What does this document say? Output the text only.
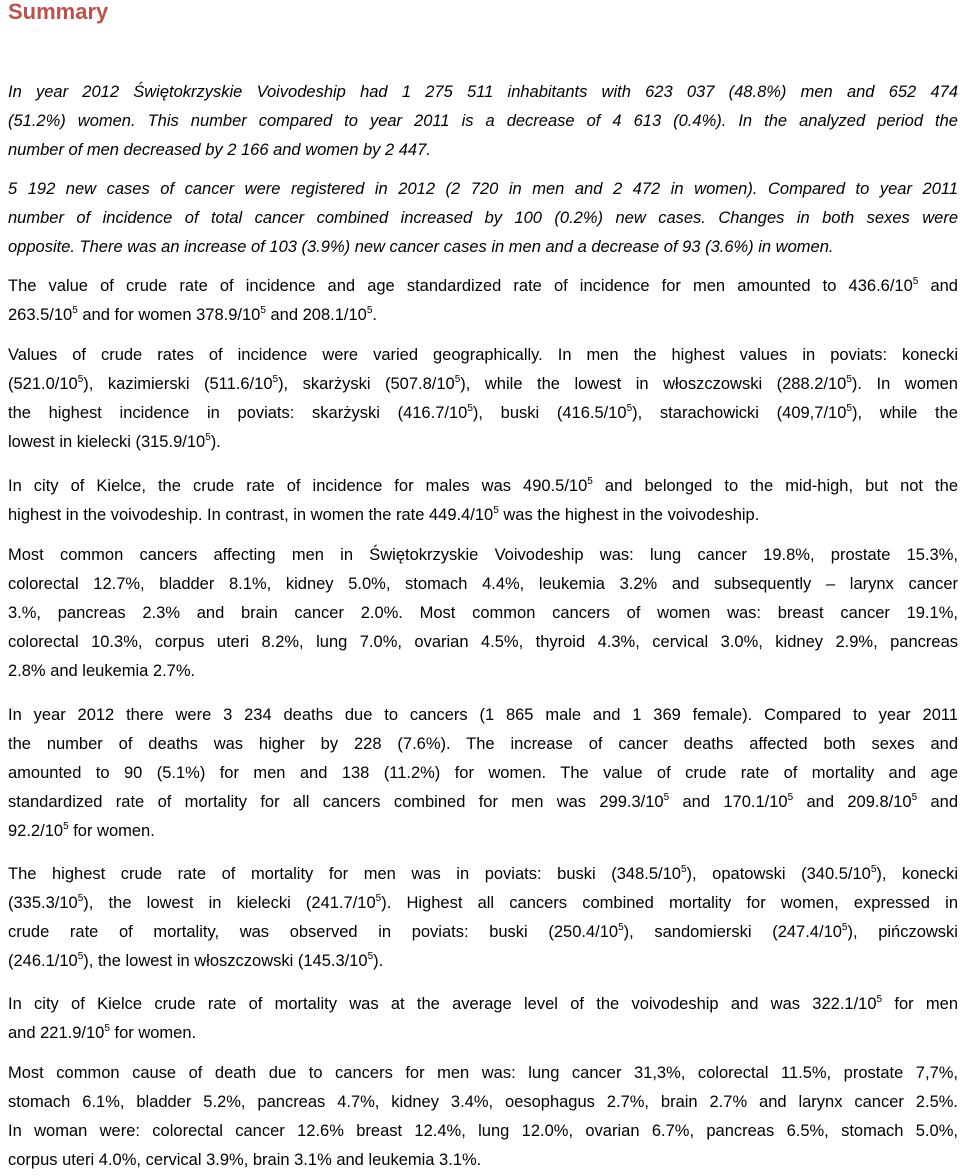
Summary
In year 2012 Świętokrzyskie Voivodeship had 1 275 511 inhabitants with 623 037 (48.8%) men and 652 474
(51.2%) women. This number compared to year 2011 is a decrease of 4 613 (0.4%). In the analyzed period the
number of men decreased by 2 166 and women by 2 447.
5 192 new cases of cancer were registered in 2012 (2 720 in men and 2 472 in women). Compared to year 2011
number of incidence of total cancer combined increased by 100 (0.2%) new cases. Changes in both sexes were
opposite. There was an increase of 103 (3.9%) new cancer cases in men and a decrease of 93 (3.6%) in women.
The value of crude rate of incidence and age standardized rate of incidence for men amounted to $436.6/10^5$ and
$263.5/10^5$ and for women $378.9/10^5$ and $208.1/10^5$.
Values of crude rates of incidence were varied geographically. In men the highest values in poviats: konecki
$(521.0/10^5)$, kazimierski $(511.6/10^5)$, skarżyski $(507.8/10^5)$, while the lowest in włoszczowski $(288.2/10^5)$. In women
the highest incidence in poviats: skarżyski $(416.7/10^5)$, buski $(416.5/10^5)$, starachowicki $(409,7/10^5)$, while the
lowest in kielecki $(315.9/10^5)$.
In city of Kielce, the crude rate of incidence for males was $490.5/10^5$ and belonged to the mid-high, but not the
highest in the voivodeship. In contrast, in women the rate $449.4/10^5$ was the highest in the voivodeship.
Most common cancers affecting men in Świętokrzyskie Voivodeship was: lung cancer 19.8%, prostate 15.3%,
colorectal 12.7%, bladder 8.1%, kidney 5.0%, stomach 4.4%, leukemia 3.2% and subsequently – larynx cancer
3.%, pancreas 2.3% and brain cancer 2.0%. Most common cancers of women was: breast cancer 19.1%,
colorectal 10.3%, corpus uteri 8.2%, lung 7.0%, ovarian 4.5%, thyroid 4.3%, cervical 3.0%, kidney 2.9%, pancreas
2.8% and leukemia 2.7%.
In year 2012 there were 3 234 deaths due to cancers (1 865 male and 1 369 female). Compared to year 2011
the number of deaths was higher by 228 (7.6%). The increase of cancer deaths affected both sexes and
amounted to 90 (5.1%) for men and 138 (11.2%) for women. The value of crude rate of mortality and age
standardized rate of mortality for all cancers combined for men was $299.3/10^5$ and $170.1/10^5$ and $209.8/10^5$ and
$92.2/10^5$ for women.
The highest crude rate of mortality for men was in poviats: buski $(348.5/10^5)$, opatowski $(340.5/10^5)$, konecki
$(335.3/10^5)$, the lowest in kielecki $(241.7/10^5)$. Highest all cancers combined mortality for women, expressed in
crude rate of mortality, was observed in poviats: buski $(250.4/10^5)$, sandomierski $(247.4/10^5)$, pińczowski
$(246.1/10^5)$, the lowest in włoszczowski $(145.3/10^5)$.
In city of Kielce crude rate of mortality was at the average level of the voivodeship and was $322.1/10^5$ for men
and $221.9/10^5$ for women.
Most common cause of death due to cancers for men was: lung cancer 31,3%, colorectal 11.5%, prostate 7,7%,
stomach 6.1%, bladder 5.2%, pancreas 4.7%, kidney 3.4%, oesophagus 2.7%, brain 2.7% and larynx cancer 2.5%.
In woman were: colorectal cancer 12.6% breast 12.4%, lung 12.0%, ovarian 6.7%, pancreas 6.5%, stomach 5.0%,
corpus uteri 4.0%, cervical 3.9%, brain 3.1% and leukemia 3.1%.
